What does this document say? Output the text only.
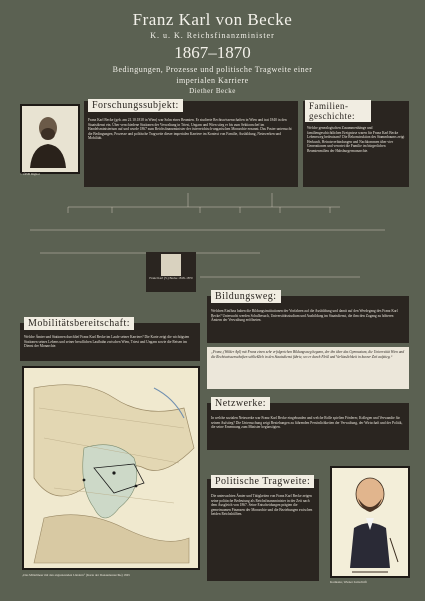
Franz Karl von Becke
K. u. K. Reichsfinanzminister
1867–1870
Bedingungen, Prozesse und politische Tragweite einer
imperialen Karriere
Diether Becke
© ÖNB Digital
Forschungssubjekt:
Franz Karl Becke (geb. am 21.10.1818 in Wien) war Sohn eines Beamten. Er studierte Rechtswissenschaften in Wien und trat 1840 in den Staatsdienst ein. Über verschiedene Stationen der Verwaltung in Triest, Ungarn und Wien stieg er bis zum Sektionschef im Handelsministerium auf und wurde 1867 zum Reichsfinanzminister der österreichisch-ungarischen Monarchie ernannt. Das Poster untersucht die Bedingungen, Prozesse und politische Tragweite dieser imperialen Karriere im Kontext von Familie, Ausbildung, Netzwerken und Mobilität.
Familien- geschichte:
Welche genealogischen Zusammenhänge und familiengeschichtlichen Ereignisse waren für Franz Karl Becke Lebensweg bedeutsam? Die Rekonstruktion des Stammbaums zeigt Herkunft, Heiratsverbindungen und Nachkommen über vier Generationen und verortet die Familie im bürgerlichen Beamtenmilieu der Habsburgermonarchie.
Franz Karl (V.) Becke 1818–1870
Bildungsweg:
Welchen Einfluss haben die Bildungsinstitutionen der Vorfahren auf die Ausbildung und damit auf den Werdegang des Franz Karl Becke? Untersucht werden Schulbesuch, Universitätsstudium und Ausbildung im Staatsdienst, die ihm den Zugang zu höheren Ämtern der Verwaltung eröffneten.
„Franz, (Wilder Apl) mit Franz einen sehr erfolgreichen Bildungsweg begann, der ihn über das Gymnasium, die Universität Wien und die Rechtswissenschaften schließlich in den Staatsdienst führte, wo er durch Fleiß und Verlässlichkeit in kurzer Zeit aufstieg.“
Mobilitätsbereitschaft:
Welche Ämter und Stationen durchlief Franz Karl Becke im Laufe seiner Karriere? Die Karte zeigt die wichtigsten Stationen seines Lebens und seiner beruflichen Laufbahn zwischen Wien, Triest und Ungarn sowie die Reisen im Dienst der Monarchie.
„Das Mittelmeer mit den angrenzenden Ländern“ (Karte der Donaumonarchie) 1845
Netzwerke:
In welche sozialen Netzwerke war Franz Karl Becke eingebunden und welche Rolle spielten Förderer, Kollegen und Verwandte für seinen Aufstieg? Die Untersuchung zeigt Beziehungen zu führenden Persönlichkeiten der Verwaltung, der Wirtschaft und der Politik, die seine Ernennung zum Minister begünstigten.
Politische Tragweite:
Die untersuchten Ämter und Tätigkeiten von Franz Karl Becke zeigen seine politische Bedeutung als Reichsfinanzminister in der Zeit nach dem Ausgleich von 1867. Seine Entscheidungen prägten die gemeinsamen Finanzen der Monarchie und die Beziehungen zwischen beiden Reichshälften.
Karikatur, Wiener Zeitschrift
